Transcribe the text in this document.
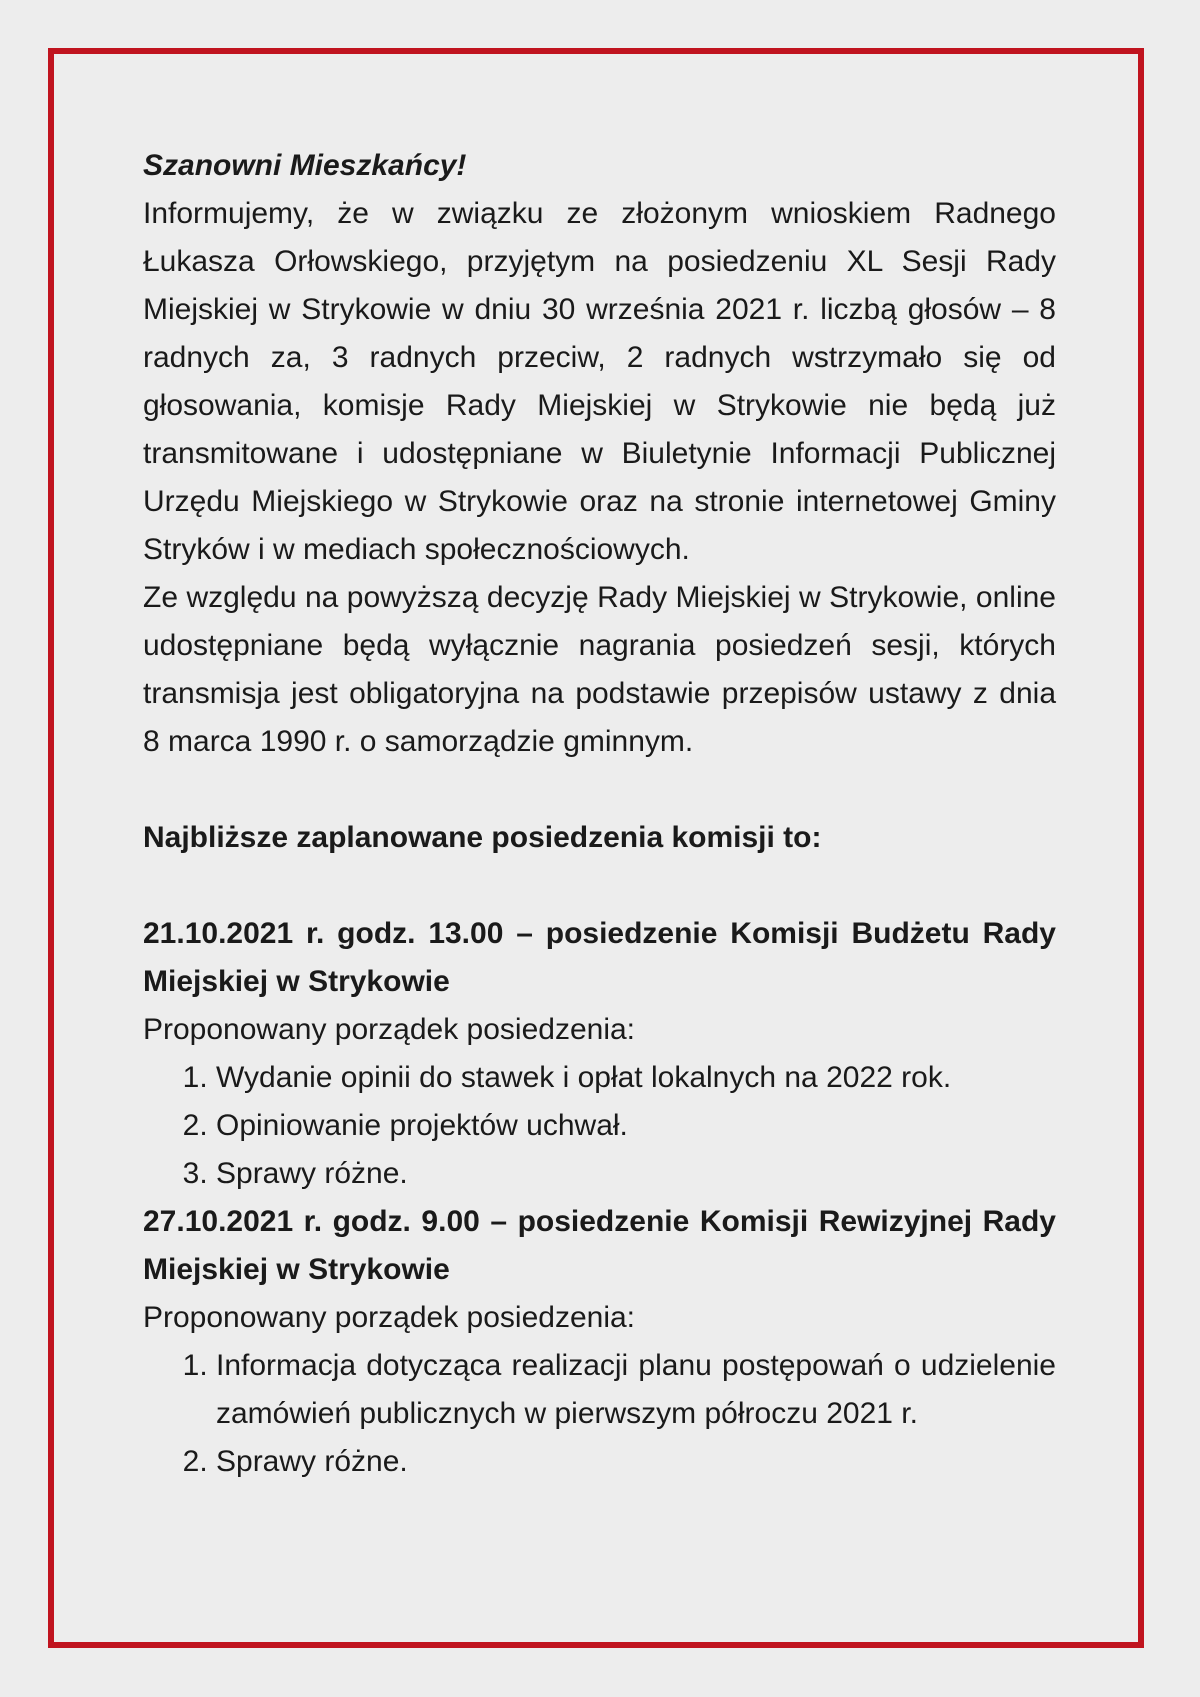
Szanowni Mieszkańcy!

Informujemy, że w związku ze złożonym wnioskiem Radnego Łukasza Orłowskiego, przyjętym na posiedzeniu XL Sesji Rady Miejskiej w Strykowie w dniu 30 września 2021 r. liczbą głosów – 8 radnych za, 3 radnych przeciw, 2 radnych wstrzymało się od głosowania, komisje Rady Miejskiej w Strykowie nie będą już transmitowane i udostępniane w Biuletynie Informacji Publicznej Urzędu Miejskiego w Strykowie oraz na stronie internetowej Gminy Stryków i w mediach społecznościowych.

Ze względu na powyższą decyzję Rady Miejskiej w Strykowie, online udostępniane będą wyłącznie nagrania posiedzeń sesji, których transmisja jest obligatoryjna na podstawie przepisów ustawy z dnia 8 marca 1990 r. o samorządzie gminnym.

Najbliższe zaplanowane posiedzenia komisji to:

21.10.2021 r. godz. 13.00 – posiedzenie Komisji Budżetu Rady Miejskiej w Strykowie

Proponowany porządek posiedzenia:

1. Wydanie opinii do stawek i opłat lokalnych na 2022 rok.
2. Opiniowanie projektów uchwał.
3. Sprawy różne.

27.10.2021 r. godz. 9.00 – posiedzenie Komisji Rewizyjnej Rady Miejskiej w Strykowie

Proponowany porządek posiedzenia:

1. Informacja dotycząca realizacji planu postępowań o udzielenie zamówień publicznych w pierwszym półroczu 2021 r.
2. Sprawy różne.
